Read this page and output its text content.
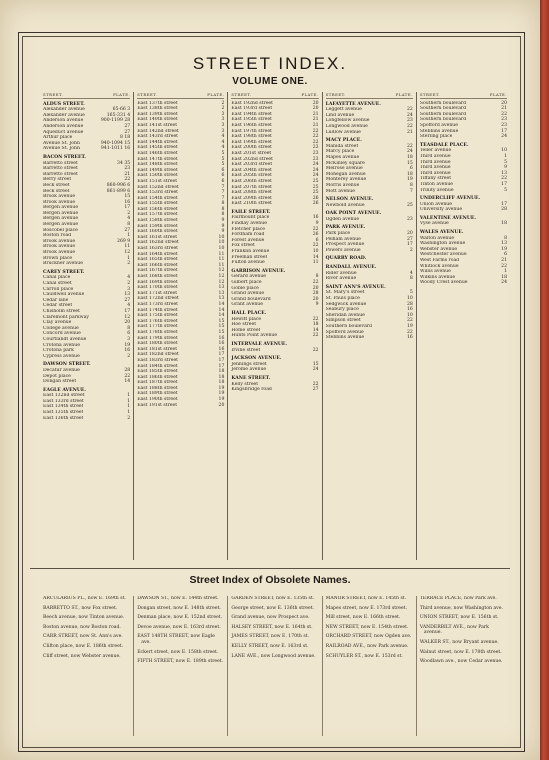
STREET INDEX.
VOLUME ONE.
STREET.	PLATE.
ALDUS STREET.
Alexander avenue	65-66 3
Alexander avenue	165-331 4
Anderson avenue	900-1199 28
Anderson avenue	27
Aqueduct avenue	27
Arthur place	8 18
Avenue St. John	940-1094 15
Avenue St. John	941-1011 16
BACON STREET.
Barretto street	34 35
Barretto street	23
Barretto street	21
Berry street	22
Beck street	860-996 6
Beck street	861-899 6
Brook avenue	15
Brook avenue	16
Bergen avenue	17
Bergen avenue	2
Bergen avenue	4
Bergen avenue	8
Boscobel place	27
Boston road	1
Brook avenue	269 9
Brook avenue	11
Brook avenue	12
Brown place	1
Bruckner avenue	2
CAREY STREET.
Canal place	4
Canal street	2
Carroll place	3
Cauldwell avenue	13
Cedar lane	27
Cedar street	4
Chisholm street	17
Claremont parkway	12
Clay avenue	20
College avenue	8
Concord avenue	6
Courtlandt avenue	3
Crotona avenue	19
Crotona park	16
Cypress avenue	2
DAWSON STREET.
Decatur avenue	28
Depot place	22
Dongan street	14
EAGLE AVENUE.
East 132nd street	1
East 133rd street	1
East 134th street	1
East 135th street	1
East 136th street	2
STREET.	PLATE.
East 137th street	2
East 138th street	2
East 139th street	3
East 140th street	3
East 141st street	3
East 142nd street	3
East 143rd street	4
East 144th street	4
East 145th street	4
East 146th street	5
East 147th street	5
East 148th street	5
East 149th street	6
East 150th street	6
East 151st street	6
East 152nd street	7
East 153rd street	7
East 154th street	7
East 155th street	8
East 156th street	8
East 157th street	8
East 158th street	9
East 159th street	9
East 160th street	9
East 161st street	10
East 162nd street	10
East 163rd street	10
East 164th street	11
East 165th street	11
East 166th street	11
East 167th street	12
East 168th street	12
East 169th street	12
East 170th street	13
East 171st street	13
East 172nd street	13
East 173rd street	14
East 174th street	14
East 175th street	14
East 176th street	15
East 177th street	15
East 178th street	15
East 179th street	16
East 180th street	16
East 181st street	16
East 182nd street	17
East 183rd street	17
East 184th street	17
East 185th street	18
East 186th street	18
East 187th street	18
East 188th street	19
East 189th street	19
East 190th street	19
East 191st street	20
STREET.	PLATE.
East 192nd street	20
East 193rd street	20
East 194th street	21
East 195th street	21
East 196th street	21
East 197th street	22
East 198th street	22
East 199th street	22
East 200th street	23
East 201st street	23
East 202nd street	23
East 203rd street	24
East 204th street	24
East 205th street	24
East 206th street	25
East 207th street	25
East 208th street	25
East 209th street	26
East 210th street	26
FAILE STREET.
Fairmount place	16
Findlay avenue	9
Fletcher place	22
Fordham road	26
Forest avenue	6
Fox street	22
Franklin avenue	10
Freeman street	14
Fulton avenue	11
GARRISON AVENUE.
Gerard avenue	8
Gilbert place	22
Goble place	20
Grand avenue	28
Grand boulevard	20
Grant avenue	9
HALL PLACE.
Hewitt place	22
Hoe street	18
Home street	14
Hunts Point avenue	22
INTERVALE AVENUE.
Irvine street	22
JACKSON AVENUE.
Jennings street	15
Jerome avenue	24
KANE STREET.
Kelly street	22
Kingsbridge road	27
STREET.	PLATE.
LAFAYETTE AVENUE.
Leggett avenue	22
Lind avenue	24
Longfellow avenue	23
Longwood avenue	22
Ludlow avenue	21
MACY PLACE.
Manida street	22
Marcy place	24
Mapes avenue	18
McKinley square	15
Melrose avenue	6
Mohegan avenue	18
Monterey avenue	19
Morris avenue	8
Mott avenue	7
NELSON AVENUE.
Newbold avenue	25
OAK POINT AVENUE.
Ogden avenue	23
PARK AVENUE.
Park place	20
Pelham avenue	27
Prospect avenue	17
Powers avenue	2
QUARRY ROAD.
RANDALL AVENUE.
Rider avenue	4
River avenue	8
SAINT ANN'S AVENUE.
St. Mary's street	5
St. Pauls place	10
Sedgwick avenue	28
Seabury place	16
Sheridan avenue	10
Simpson street	22
Southern boulevard	19
Spofford avenue	22
Stebbins avenue	16
STREET.	PLATE.
Southern boulevard	20
Southern boulevard	21
Southern boulevard	22
Southern boulevard	23
Spofford avenue	23
Stebbins avenue	17
Sterling place	24
TEASDALE PLACE.
Teller avenue	10
Third avenue	1
Third avenue	5
Third avenue	9
Third avenue	13
Tiffany street	22
Tinton avenue	17
Trinity avenue	5
UNDERCLIFF AVENUE.
Union avenue	17
University avenue	28
VALENTINE AVENUE.
Vyse avenue	18
WALES AVENUE.
Walton avenue	8
Washington avenue	13
Webster avenue	19
Westchester avenue	6
West Farms road	21
Whitlock avenue	22
Willis avenue	1
Wilkins avenue	18
Woody Crest avenue	24
Street Index of Obsolete Names.

ARCULARIUS PL., now E. 169th st.

BARRETTO ST., now Fox street.

Beech avenue, now Tinton avenue.

Boston avenue, now Boston road.

CARR STREET, now St. Ann's ave.

Clifton place, now E. 186th street.

Cliff street, now Webster avenue.

DAWSON ST., now E. 144th street.

Dongan street, now E. 148th street.

Denman place, now E. 152nd street.

Devoe avenue, now E. 163rd street.

EAST 148TH STREET, now Eagle ave.

Eckert street, now E. 158th street.

FIFTH STREET, now E. 189th street.

GARDEN STREET, now E. 135th st.

George street, now E. 136th street.

Grand avenue, now Prospect ave.

HALSEY STREET, now E. 164th st.

JAMES STREET, now E. 170th st.

KELLY STREET, now E. 163rd st.

LANE AVE., now Longwood avenue.

MANOR STREET, now E. 145th st.

Mapes street, now E. 173rd street.

Mill street, now E. 166th street.

NEW STREET, now E. 154th street.

ORCHARD STREET, now Ogden ave.

RAILROAD AVE., now Park avenue.

SCHUYLER ST., now E. 153rd st.

TERRACE PLACE, now Park ave.

Third avenue, now Washington ave.

UNION STREET, now E. 156th st.

VANDERBILT AVE., now Park avenue.

WALKER ST., now Bryant avenue.

Walnut street, now E. 178th street.

Woodlawn ave., now Cedar avenue.
